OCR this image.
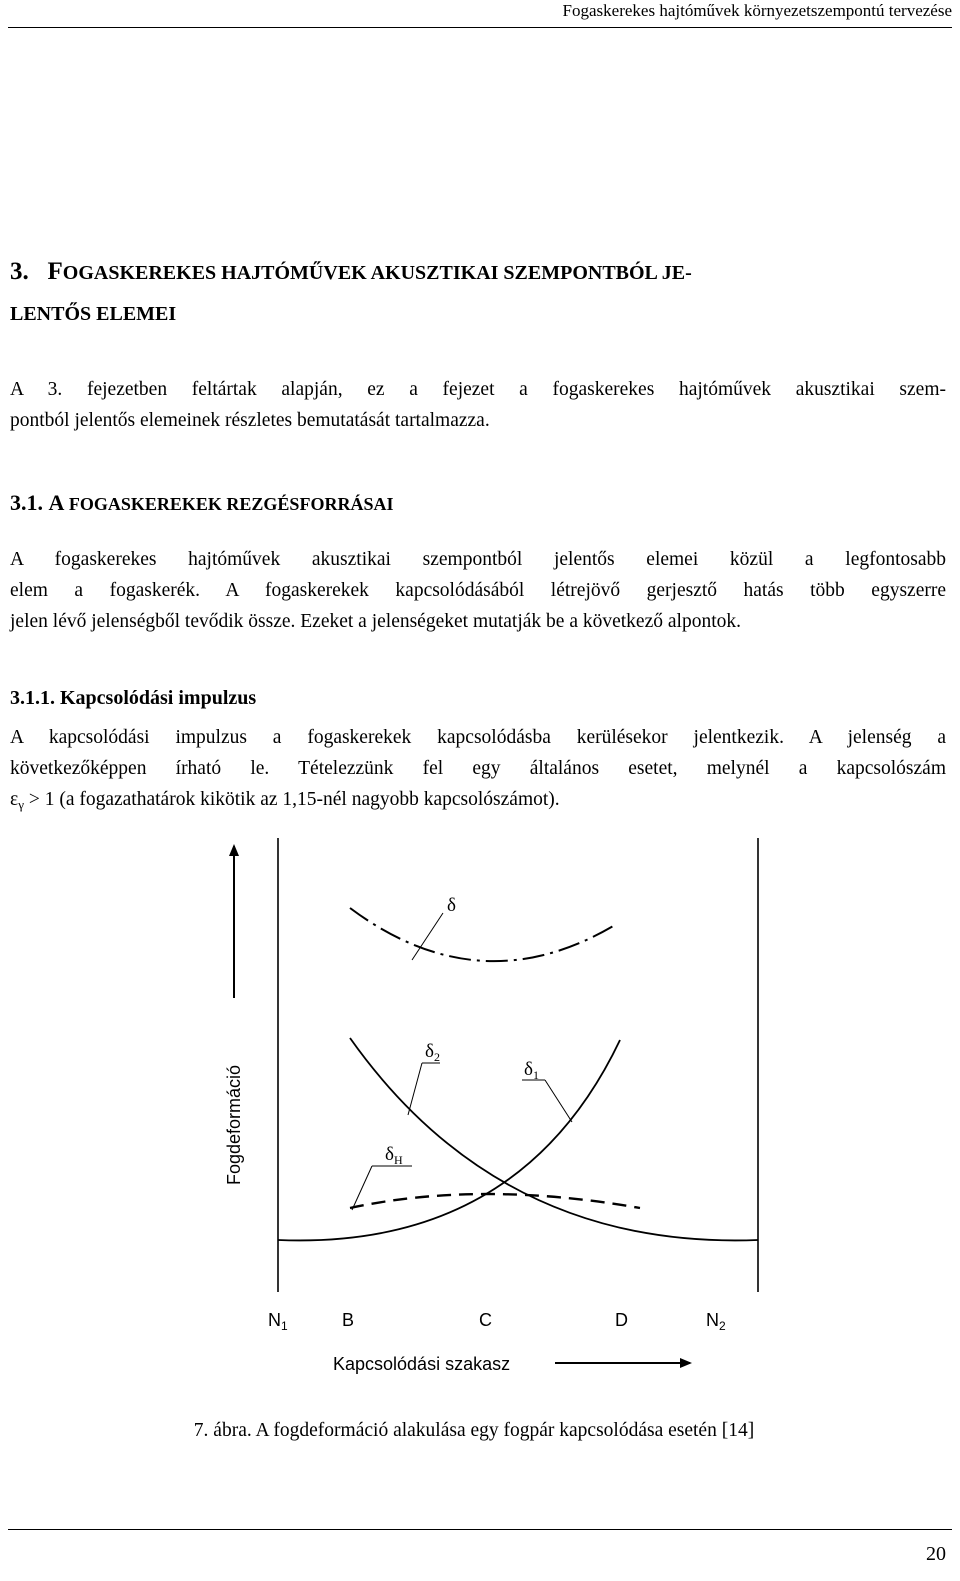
Fogaskerekes hajtóművek környezetszempontú tervezése
3. FOGASKEREKES HAJTÓMŰVEK AKUSZTIKAI SZEMPONTBÓL JE-
LENTŐS ELEMEI

A 3. fejezetben feltártak alapján, ez a fejezet a fogaskerekes hajtóművek akusztikai szem-
pontból jelentős elemeinek részletes bemutatását tartalmazza.

3.1. A FOGASKEREKEK REZGÉSFORRÁSAI

A fogaskerekes hajtóművek akusztikai szempontból jelentős elemei közül a legfontosabb
elem a fogaskerék. A fogaskerekek kapcsolódásából létrejövő gerjesztő hatás több egyszerre
jelen lévő jelenségből tevődik össze. Ezeket a jelenségeket mutatják be a következő alpontok.

3.1.1. Kapcsolódási impulzus

A kapcsolódási impulzus a fogaskerekek kapcsolódásba kerülésekor jelentkezik. A jelenség a
következőképpen írható le. Tételezzünk fel egy általános esetet, melynél a kapcsolószám
$\varepsilon_\gamma > 1$ (a fogazathatárok kikötik az 1,15-nél nagyobb kapcsolószámot).

Fogdeformáció
δ
$\delta_2$
$\delta_1$
$\delta_H$
$N_1$	B	C	D	$N_2$
Kapcsolódási szakasz

7. ábra. A fogdeformáció alakulása egy fogpár kapcsolódása esetén [14]

20
